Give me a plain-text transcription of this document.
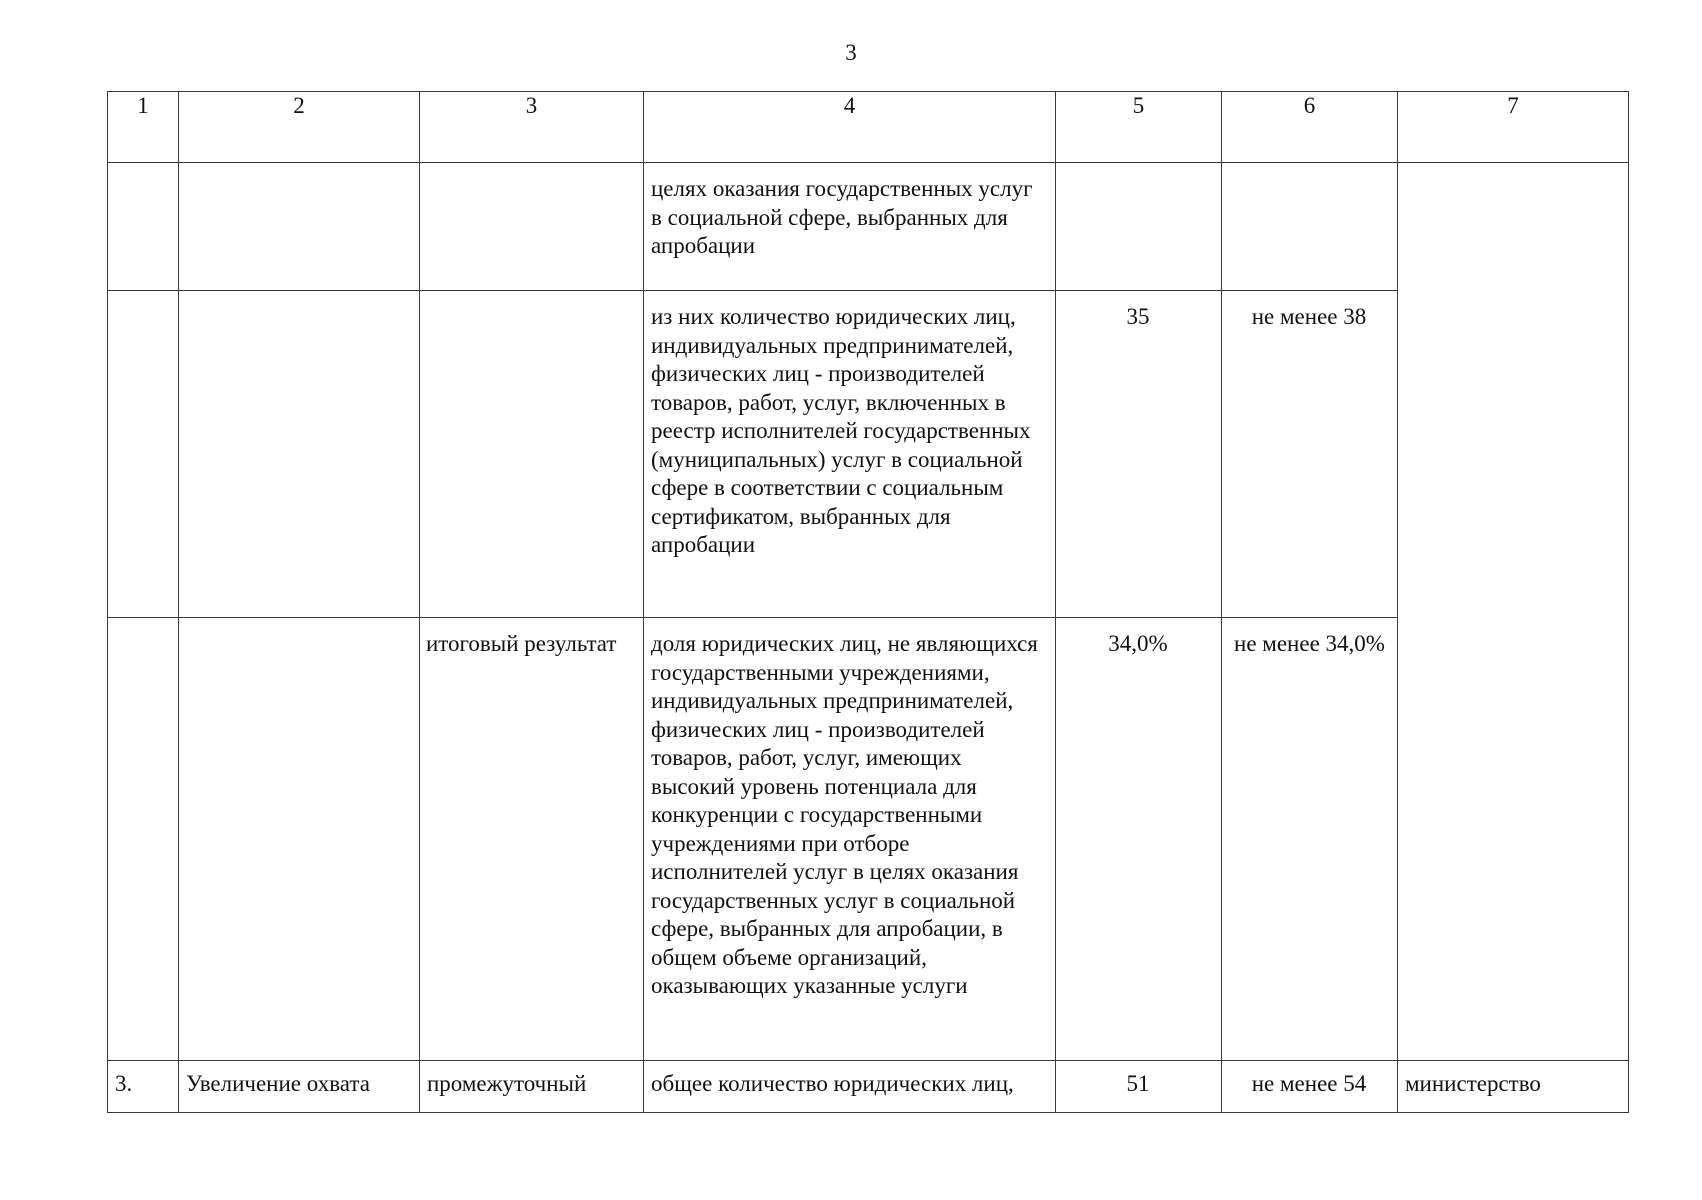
3
1	2	3	4	5	6	7

			целях оказания государственных услуг в социальной сфере, выбранных для апробации			

			из них количество юридических лиц, индивидуальных предпринимателей, физических лиц - производителей товаров, работ, услуг, включенных в реестр исполнителей государственных (муниципальных) услуг в социальной сфере в соответствии с социальным сертификатом, выбранных для апробации	35	не менее 38	

		итоговый результат	доля юридических лиц, не являющихся государственными учреждениями, индивидуальных предпринимателей, физических лиц - производителей товаров, работ, услуг, имеющих высокий уровень потенциала для конкуренции с государственными учреждениями при отборе исполнителей услуг в целях оказания государственных услуг в социальной сфере, выбранных для апробации, в общем объеме организаций, оказывающих указанные услуги	34,0%	не менее 34,0%	

3.	Увеличение охвата	промежуточный	общее количество юридических лиц,	51	не менее 54	министерство
